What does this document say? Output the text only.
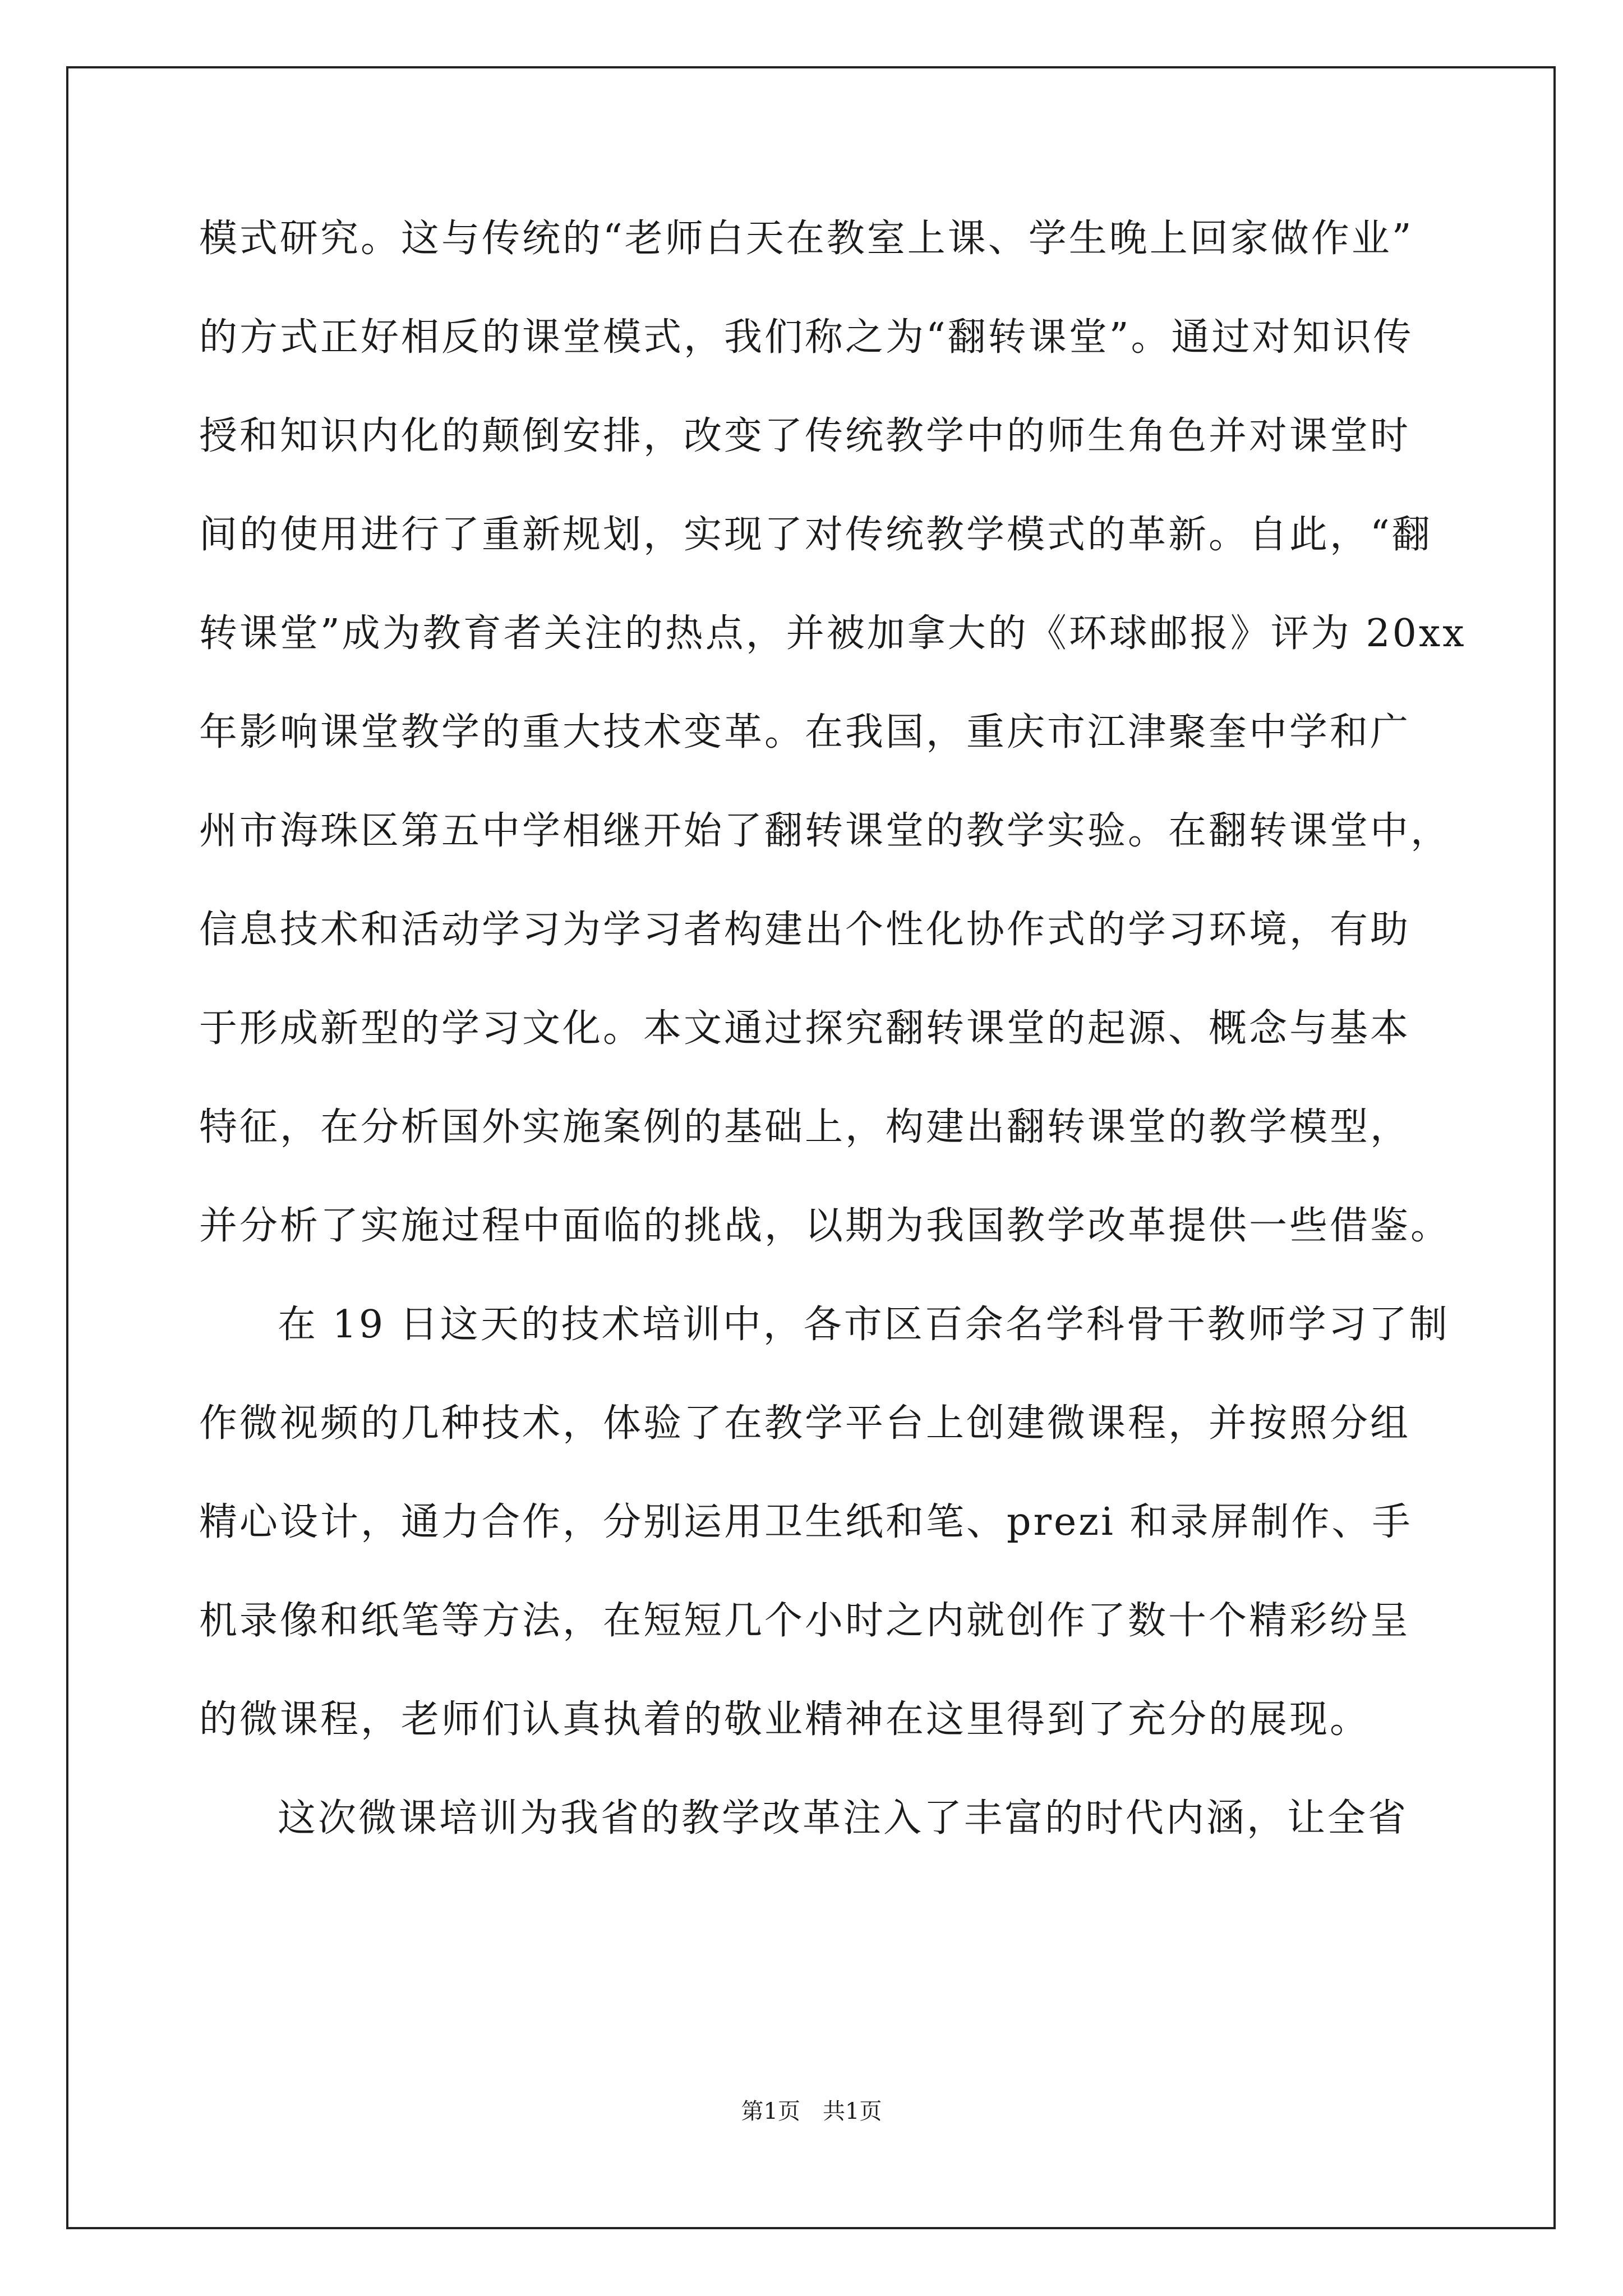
模式研究。这与传统的“老师白天在教室上课、学生晚上回家做作业”
的方式正好相反的课堂模式，我们称之为“翻转课堂”。通过对知识传
授和知识内化的颠倒安排，改变了传统教学中的师生角色并对课堂时
间的使用进行了重新规划，实现了对传统教学模式的革新。自此，“翻
转课堂”成为教育者关注的热点，并被加拿大的《环球邮报》评为 20xx
年影响课堂教学的重大技术变革。在我国，重庆市江津聚奎中学和广
州市海珠区第五中学相继开始了翻转课堂的教学实验。在翻转课堂中，
信息技术和活动学习为学习者构建出个性化协作式的学习环境，有助
于形成新型的学习文化。本文通过探究翻转课堂的起源、概念与基本
特征，在分析国外实施案例的基础上，构建出翻转课堂的教学模型，
并分析了实施过程中面临的挑战，以期为我国教学改革提供一些借鉴。
在 19 日这天的技术培训中，各市区百余名学科骨干教师学习了制
作微视频的几种技术，体验了在教学平台上创建微课程，并按照分组
精心设计，通力合作，分别运用卫生纸和笔、prezi 和录屏制作、手
机录像和纸笔等方法，在短短几个小时之内就创作了数十个精彩纷呈
的微课程，老师们认真执着的敬业精神在这里得到了充分的展现。
这次微课培训为我省的教学改革注入了丰富的时代内涵，让全省
第1页 共1页
